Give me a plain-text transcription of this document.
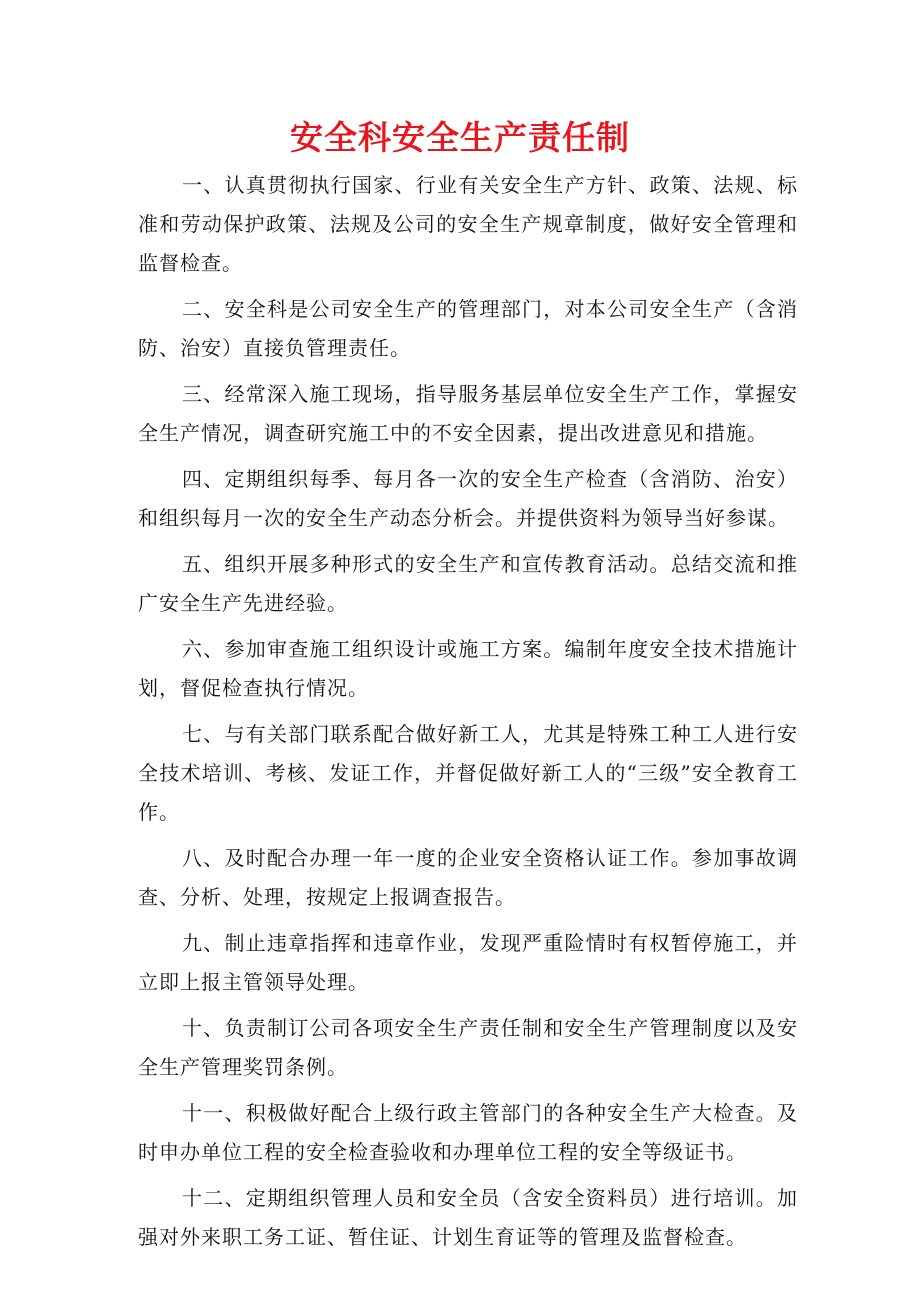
安全科安全生产责任制

一、认真贯彻执行国家、行业有关安全生产方针、政策、法规、标准和劳动保护政策、法规及公司的安全生产规章制度，做好安全管理和监督检查。

二、安全科是公司安全生产的管理部门，对本公司安全生产（含消防、治安）直接负管理责任。

三、经常深入施工现场，指导服务基层单位安全生产工作，掌握安全生产情况，调查研究施工中的不安全因素，提出改进意见和措施。

四、定期组织每季、每月各一次的安全生产检查（含消防、治安）和组织每月一次的安全生产动态分析会。并提供资料为领导当好参谋。

五、组织开展多种形式的安全生产和宣传教育活动。总结交流和推广安全生产先进经验。

六、参加审查施工组织设计或施工方案。编制年度安全技术措施计划，督促检查执行情况。

七、与有关部门联系配合做好新工人，尤其是特殊工种工人进行安全技术培训、考核、发证工作，并督促做好新工人的“三级”安全教育工作。

八、及时配合办理一年一度的企业安全资格认证工作。参加事故调查、分析、处理，按规定上报调查报告。

九、制止违章指挥和违章作业，发现严重险情时有权暂停施工，并立即上报主管领导处理。

十、负责制订公司各项安全生产责任制和安全生产管理制度以及安全生产管理奖罚条例。

十一、积极做好配合上级行政主管部门的各种安全生产大检查。及时申办单位工程的安全检查验收和办理单位工程的安全等级证书。

十二、定期组织管理人员和安全员（含安全资料员）进行培训。加强对外来职工务工证、暂住证、计划生育证等的管理及监督检查。
